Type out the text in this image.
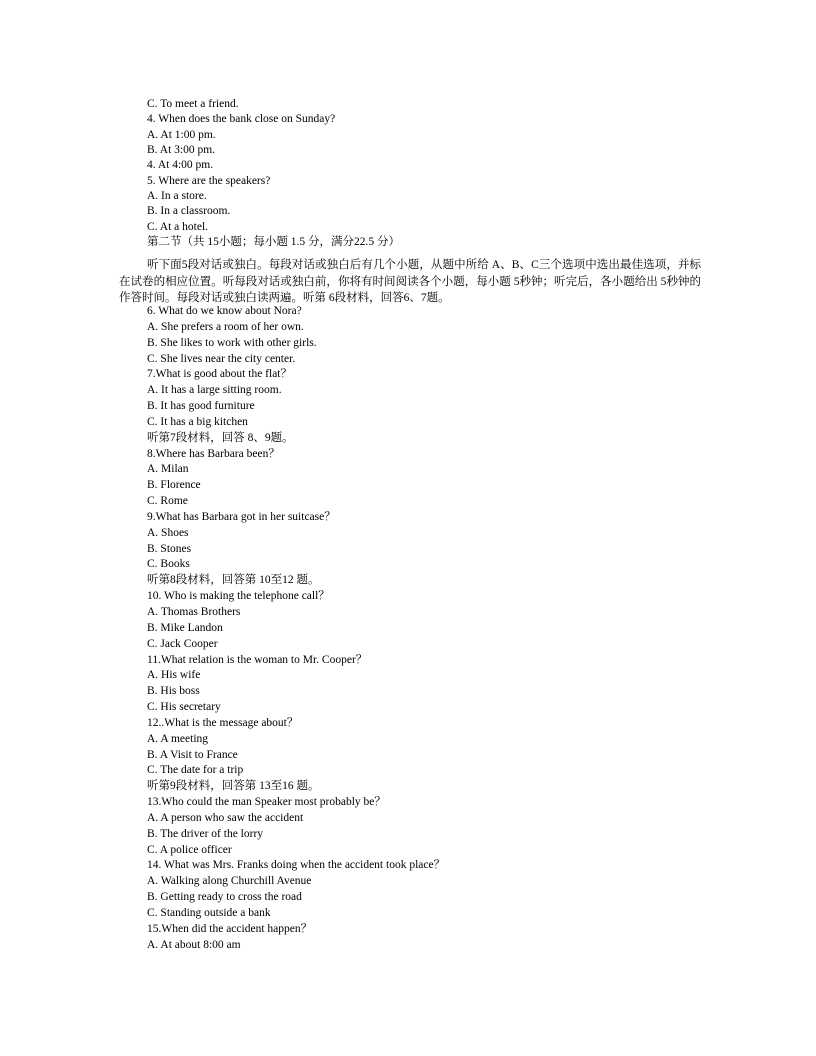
C. To meet a friend.
4. When does the bank close on Sunday?
A. At 1:00 pm.
B. At 3:00 pm.
4. At 4:00 pm.
5. Where are the speakers?
A. In a store.
B. In a classroom.
C. At a hotel.
第二节（共 15小题；每小题 1.5 分，满分22.5 分）
听下面5段对话或独白。每段对话或独白后有几个小题，从题中所给 A、B、C三个选项中选出最佳选项，并标在试卷的相应位置。听每段对话或独白前，你将有时间阅读各个小题，每小题 5秒钟；听完后，各小题给出 5秒钟的作答时间。每段对话或独白读两遍。听第 6段材料，回答6、7题。
6. What do we know about Nora?
A. She prefers a room of her own.
B. She likes to work with other girls.
C. She lives near the city center.
7.What is good about the flat？
A. It has a large sitting room.
B. It has good furniture
C. It has a big kitchen
听第7段材料，回答 8、9题。
8.Where has Barbara been？
A. Milan
B. Florence
C. Rome
9.What has Barbara got in her suitcase？
A. Shoes
B. Stones
C. Books
听第8段材料，回答第 10至12 题。
10. Who is making the telephone call？
A. Thomas Brothers
B. Mike Landon
C. Jack Cooper
11.What relation is the woman to Mr. Cooper？
A. His wife
B. His boss
C. His secretary
12..What is the message about？
A. A meeting
B. A Visit to France
C. The date for a trip
听第9段材料，回答第 13至16 题。
13.Who could the man Speaker most probably be？
A. A person who saw the accident
B. The driver of the lorry
C. A police officer
14. What was Mrs. Franks doing when the accident took place？
A. Walking along Churchill Avenue
B. Getting ready to cross the road
C. Standing outside a bank
15.When did the accident happen？
A. At about 8:00 am
